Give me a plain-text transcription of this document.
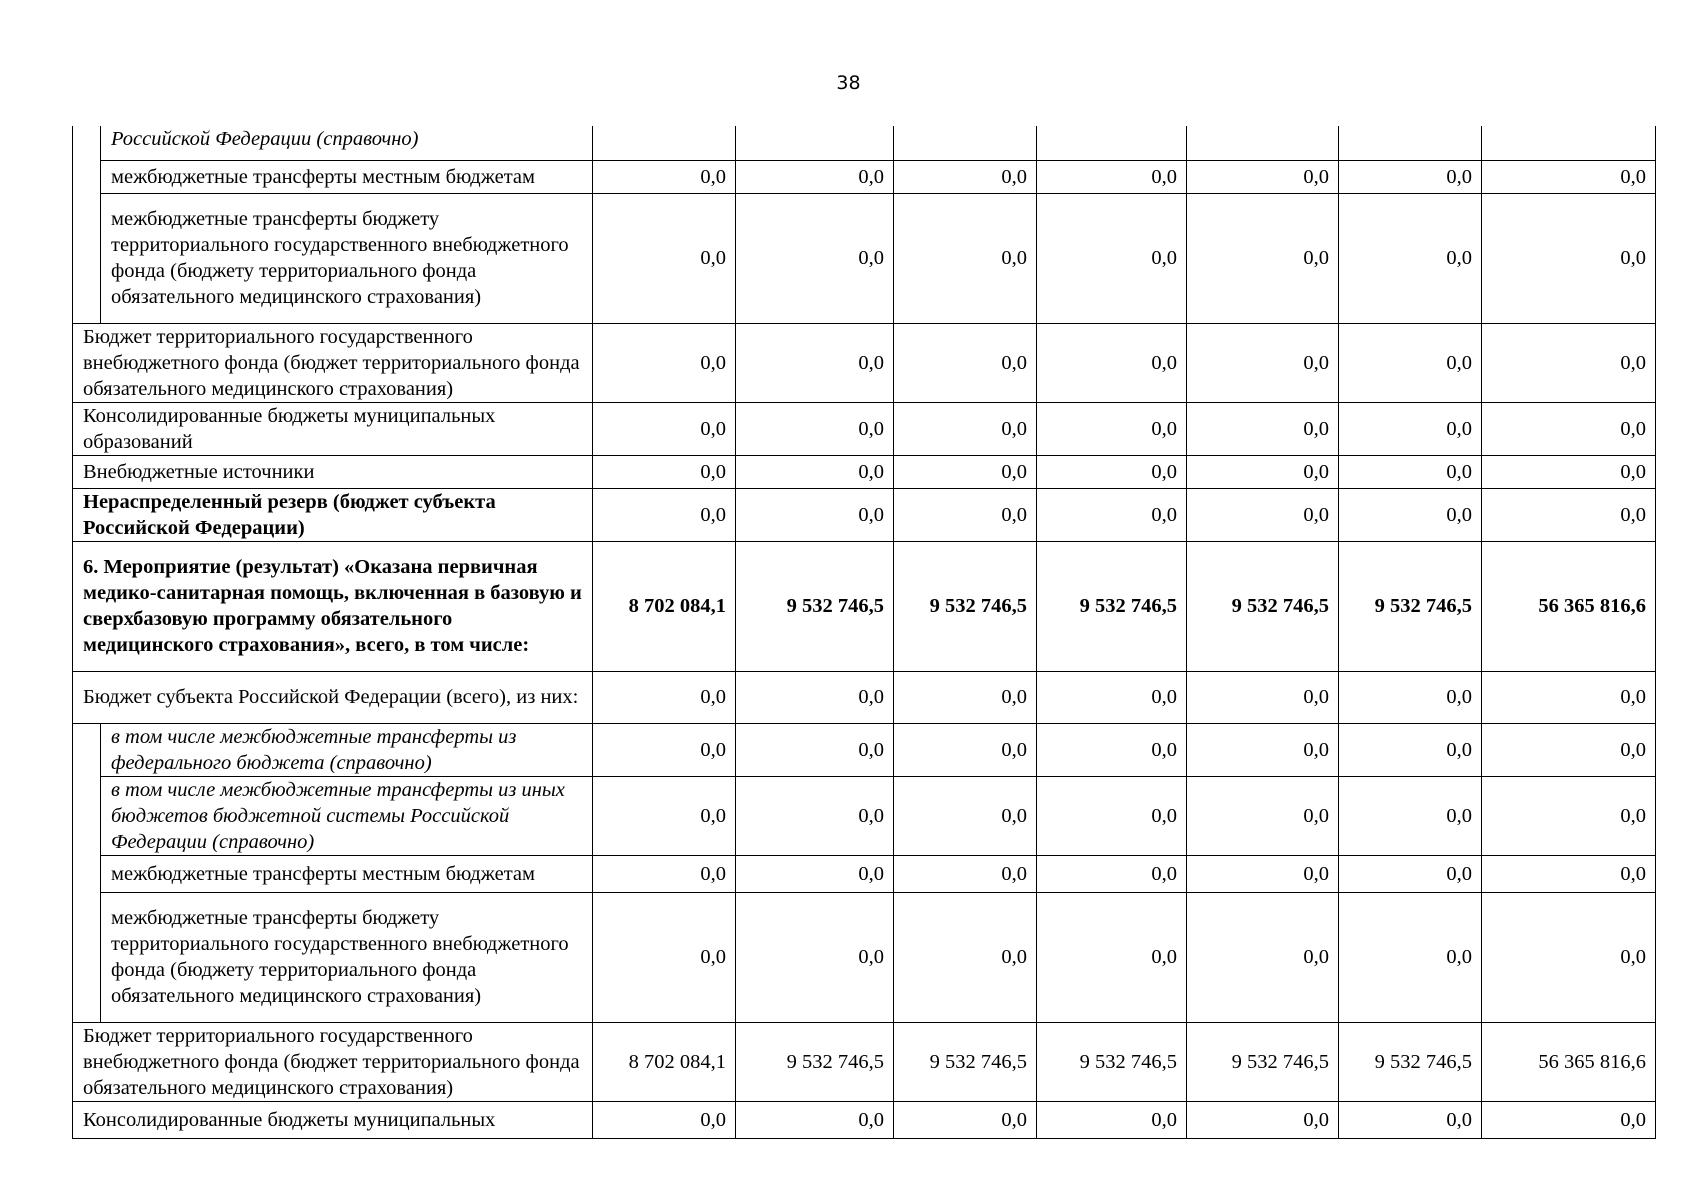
38
	Российской Федерации (справочно)							
	межбюджетные трансферты местным бюджетам	0,0	0,0	0,0	0,0	0,0	0,0	0,0
	межбюджетные трансферты бюджету территориального государственного внебюджетного фонда (бюджету территориального фонда обязательного медицинского страхования)	0,0	0,0	0,0	0,0	0,0	0,0	0,0
Бюджет территориального государственного внебюджетного фонда (бюджет территориального фонда обязательного медицинского страхования)		0,0	0,0	0,0	0,0	0,0	0,0	0,0
Консолидированные бюджеты муниципальных образований		0,0	0,0	0,0	0,0	0,0	0,0	0,0
Внебюджетные источники		0,0	0,0	0,0	0,0	0,0	0,0	0,0
Нераспределенный резерв (бюджет субъекта Российской Федерации)		0,0	0,0	0,0	0,0	0,0	0,0	0,0
6. Мероприятие (результат) «Оказана первичная медико-санитарная помощь, включенная в базовую и сверхбазовую программу обязательного медицинского страхования», всего, в том числе:		8 702 084,1	9 532 746,5	9 532 746,5	9 532 746,5	9 532 746,5	9 532 746,5	56 365 816,6
Бюджет субъекта Российской Федерации (всего), из них:		0,0	0,0	0,0	0,0	0,0	0,0	0,0
	в том числе межбюджетные трансферты из федерального бюджета (справочно)	0,0	0,0	0,0	0,0	0,0	0,0	0,0
	в том числе межбюджетные трансферты из иных бюджетов бюджетной системы Российской Федерации (справочно)	0,0	0,0	0,0	0,0	0,0	0,0	0,0
	межбюджетные трансферты местным бюджетам	0,0	0,0	0,0	0,0	0,0	0,0	0,0
	межбюджетные трансферты бюджету территориального государственного внебюджетного фонда (бюджету территориального фонда обязательного медицинского страхования)	0,0	0,0	0,0	0,0	0,0	0,0	0,0
Бюджет территориального государственного внебюджетного фонда (бюджет территориального фонда обязательного медицинского страхования)		8 702 084,1	9 532 746,5	9 532 746,5	9 532 746,5	9 532 746,5	9 532 746,5	56 365 816,6
Консолидированные бюджеты муниципальных		0,0	0,0	0,0	0,0	0,0	0,0	0,0
